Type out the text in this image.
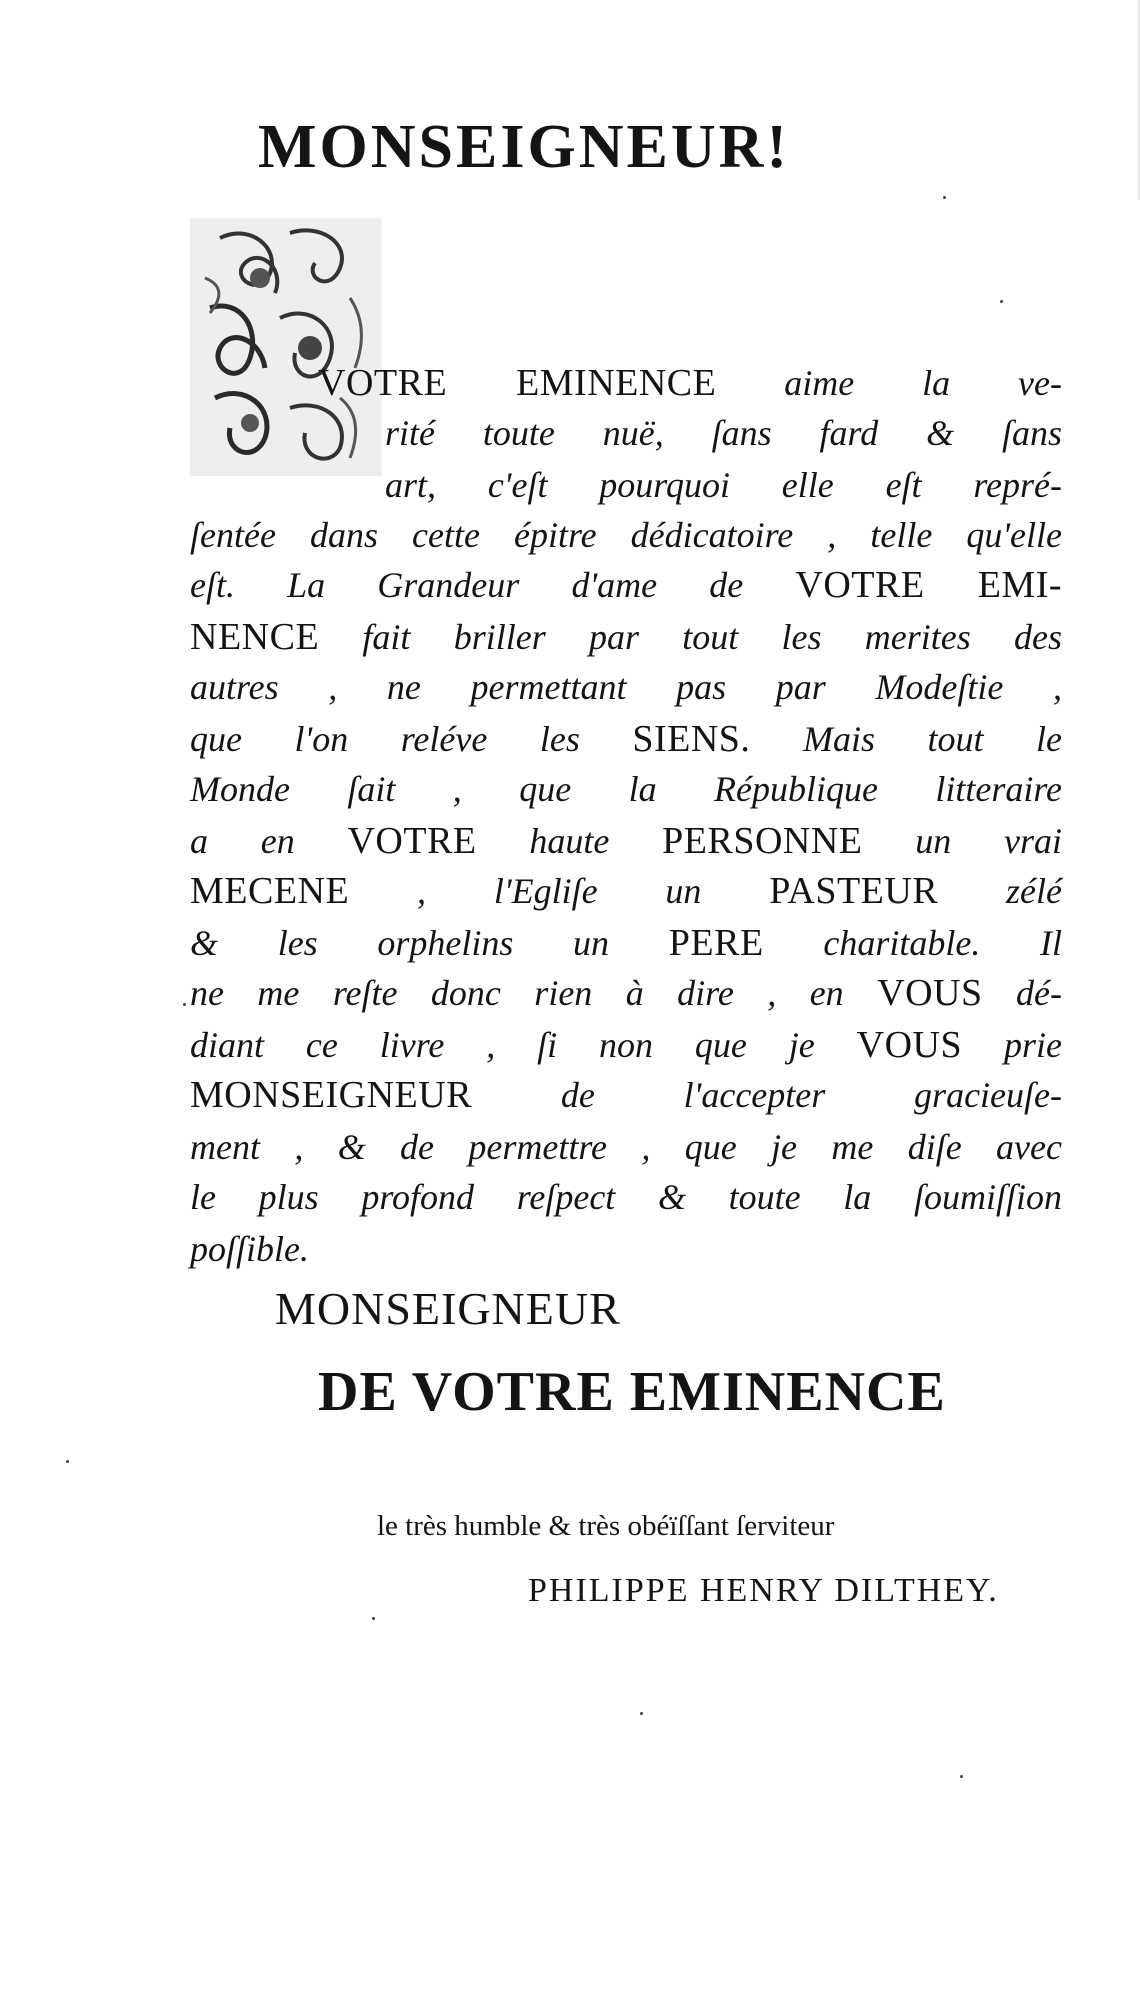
MONSEIGNEUR!
VOTRE EMINENCE aime la ve-
rité toute nuë, ſans fard & ſans
art, c'eſt pourquoi elle eſt repré-
ſentée dans cette épitre dédicatoire , telle qu'elle
eſt. La Grandeur d'ame de VOTRE EMI-
NENCE fait briller par tout les merites des
autres , ne permettant pas par Modeſtie ,
que l'on reléve les SIENS. Mais tout le
Monde ſait , que la République litteraire
a en VOTRE haute PERSONNE un vrai
MECENE , l'Egliſe un PASTEUR zélé
& les orphelins un PERE charitable. Il
ne me reſte donc rien à dire , en VOUS dé-
diant ce livre , ſi non que je VOUS prie
MONSEIGNEUR de l'accepter gracieuſe-
ment , & de permettre , que je me diſe avec
le plus profond reſpect & toute la ſoumiſſion
poſſible.
MONSEIGNEUR
DE VOTRE EMINENCE
le très humble & très obéïſſant ſerviteur
PHILIPPE HENRY DILTHEY.
